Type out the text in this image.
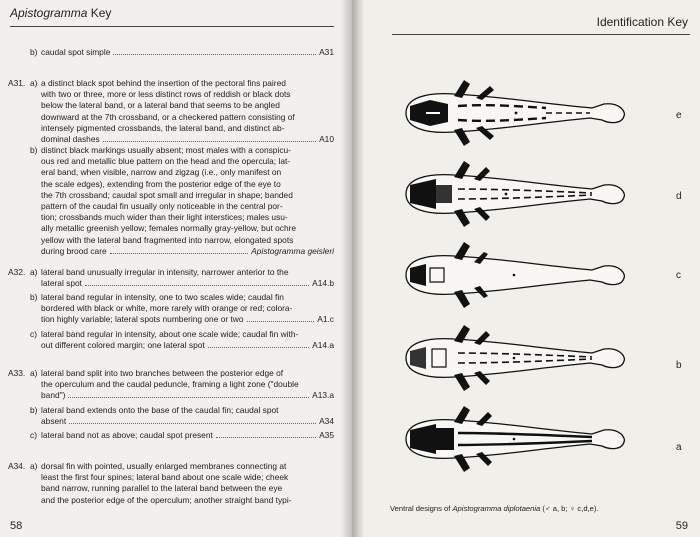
Apistogramma Key
b) caudal spot simple	A31
A31. a) a distinct black spot behind the insertion of the pectoral fins paired
with two or three, more or less distinct rows of reddish or black dots
below the lateral band, or a lateral band that seems to be angled
downward at the 7th crossband, or a checkered pattern consisting of
intensely pigmented crossbands, the lateral band, and distinct ab-
dominal dashes	A10
b) distinct black markings usually absent; most males with a conspicu-
ous red and metallic blue pattern on the head and the opercula; lat-
eral band, when visible, narrow and zigzag (i.e., only manifest on
the scale edges), extending from the posterior edge of the eye to
the 7th crossband; caudal spot small and irregular in shape; banded
pattern of the caudal fin usually only noticeable in the central por-
tion; crossbands much wider than their light interstices; males usu-
ally metallic greenish yellow; females normally gray-yellow, but ochre
yellow with the lateral band fragmented into narrow, elongated spots
during brood care	Apistogramma geisleri
A32. a) lateral band unusually irregular in intensity, narrower anterior to the
lateral spot	A14.b
b) lateral band regular in intensity, one to two scales wide; caudal fin
bordered with black or white, more rarely with orange or red; colora-
tion highly variable; lateral spots numbering one or two	A1.c
c) lateral band regular in intensity, about one scale wide; caudal fin with-
out different colored margin; one lateral spot	A14.a
A33. a) lateral band split into two branches between the posterior edge of
the operculum and the caudal peduncle, framing a light zone ("double
band")	A13.a
b) lateral band extends onto the base of the caudal fin; caudal spot
absent	A34
c) lateral band not as above; caudal spot present	A35
A34. a) dorsal fin with pointed, usually enlarged membranes connecting at
least the first four spines; lateral band about one scale wide; cheek
band narrow, running parallel to the lateral band between the eye
and the posterior edge of the operculum; another straight band typi-
58
Identification Key
e
d
c
b
a
Ventral designs of Apistogramma diplotaenia (♂ a, b; ♀ c,d,e).
59
